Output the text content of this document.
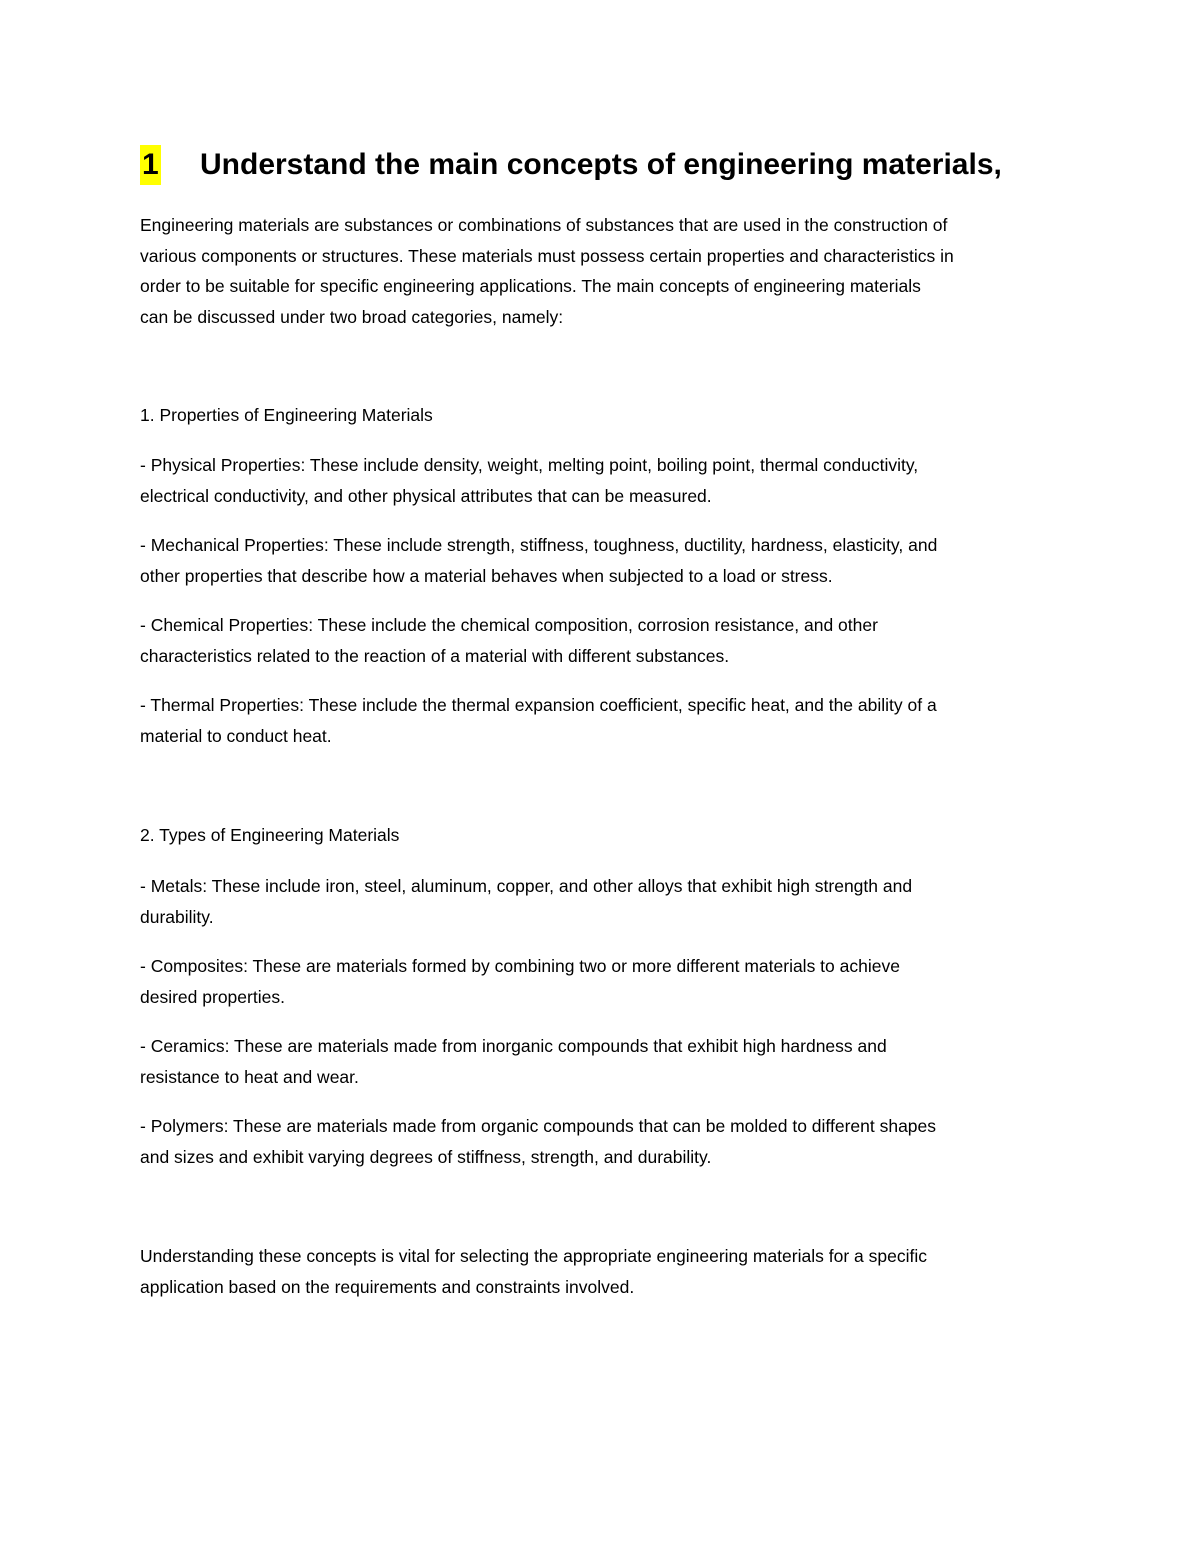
1 Understand the main concepts of engineering materials,
Engineering materials are substances or combinations of substances that are used in the construction of
various components or structures. These materials must possess certain properties and characteristics in
order to be suitable for specific engineering applications. The main concepts of engineering materials
can be discussed under two broad categories, namely:
1. Properties of Engineering Materials
- Physical Properties: These include density, weight, melting point, boiling point, thermal conductivity,
electrical conductivity, and other physical attributes that can be measured.
- Mechanical Properties: These include strength, stiffness, toughness, ductility, hardness, elasticity, and
other properties that describe how a material behaves when subjected to a load or stress.
- Chemical Properties: These include the chemical composition, corrosion resistance, and other
characteristics related to the reaction of a material with different substances.
- Thermal Properties: These include the thermal expansion coefficient, specific heat, and the ability of a
material to conduct heat.
2. Types of Engineering Materials
- Metals: These include iron, steel, aluminum, copper, and other alloys that exhibit high strength and
durability.
- Composites: These are materials formed by combining two or more different materials to achieve
desired properties.
- Ceramics: These are materials made from inorganic compounds that exhibit high hardness and
resistance to heat and wear.
- Polymers: These are materials made from organic compounds that can be molded to different shapes
and sizes and exhibit varying degrees of stiffness, strength, and durability.
Understanding these concepts is vital for selecting the appropriate engineering materials for a specific
application based on the requirements and constraints involved.
